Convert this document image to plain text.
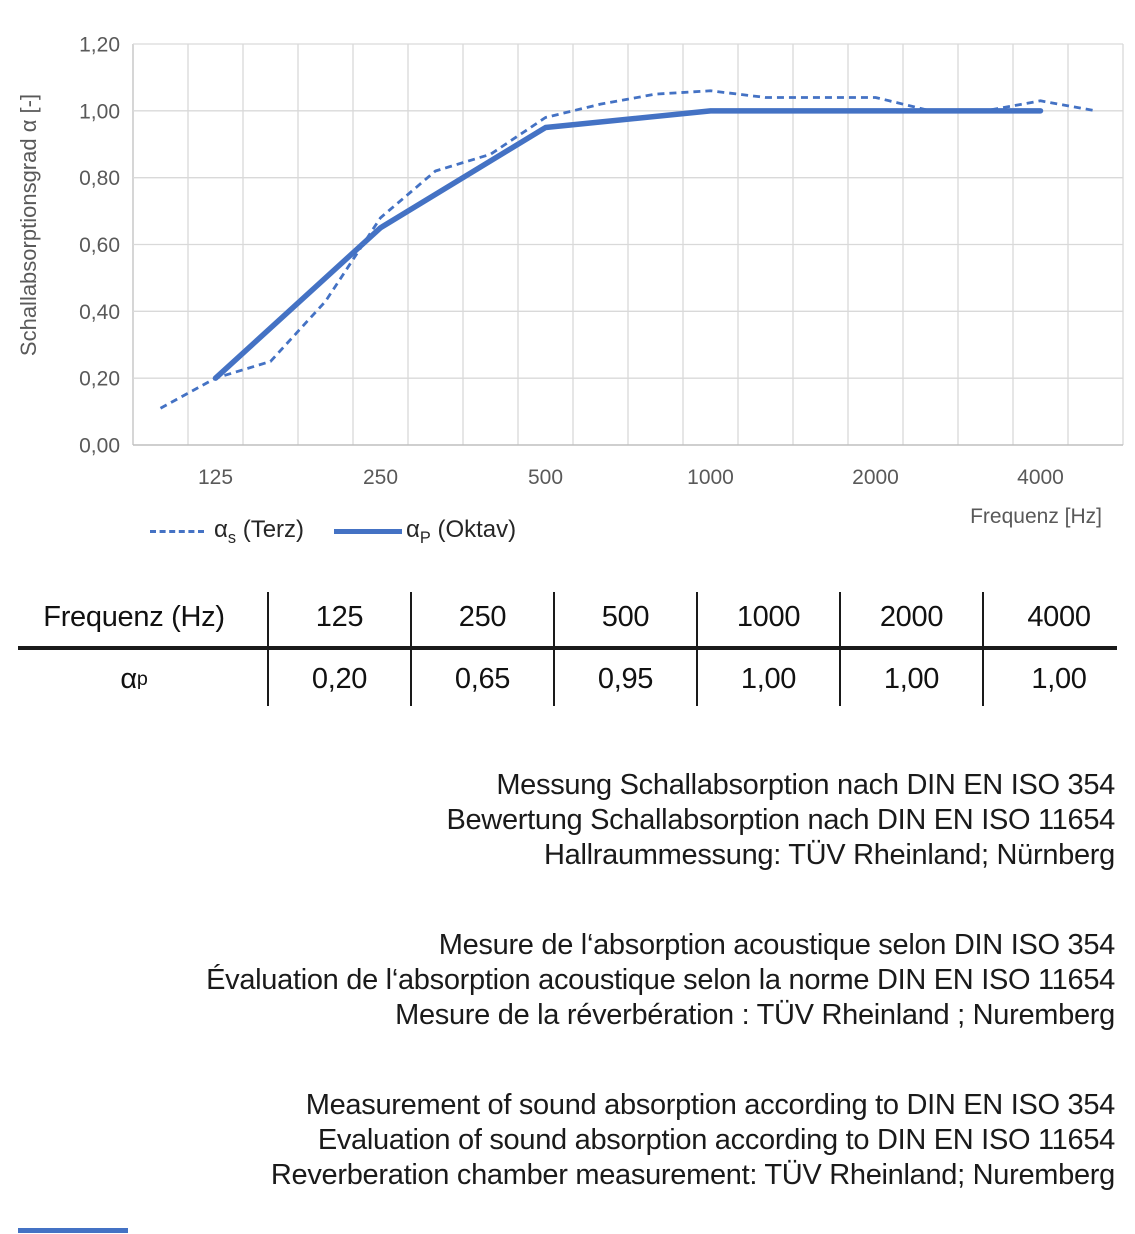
0,00
0,20
0,40
0,60
0,80
1,00
1,20
125	250	500	1000	2000	4000
Schallabsorptionsgrad α [-]
Frequenz [Hz]
$\alpha_s$ (Terz)	$\alpha_P$ (Oktav)
Frequenz (Hz)	125	250	500	1000	2000	4000
α p	0,20	0,65	0,95	1,00	1,00	1,00
Messung Schallabsorption nach DIN EN ISO 354
Bewertung Schallabsorption nach DIN EN ISO 11654
Hallraummessung: TÜV Rheinland; Nürnberg
Mesure de l‘absorption acoustique selon DIN ISO 354
Évaluation de l‘absorption acoustique selon la norme DIN EN ISO 11654
Mesure de la réverbération : TÜV Rheinland ; Nuremberg
Measurement of sound absorption according to DIN EN ISO 354
Evaluation of sound absorption according to DIN EN ISO 11654
Reverberation chamber measurement: TÜV Rheinland; Nuremberg
